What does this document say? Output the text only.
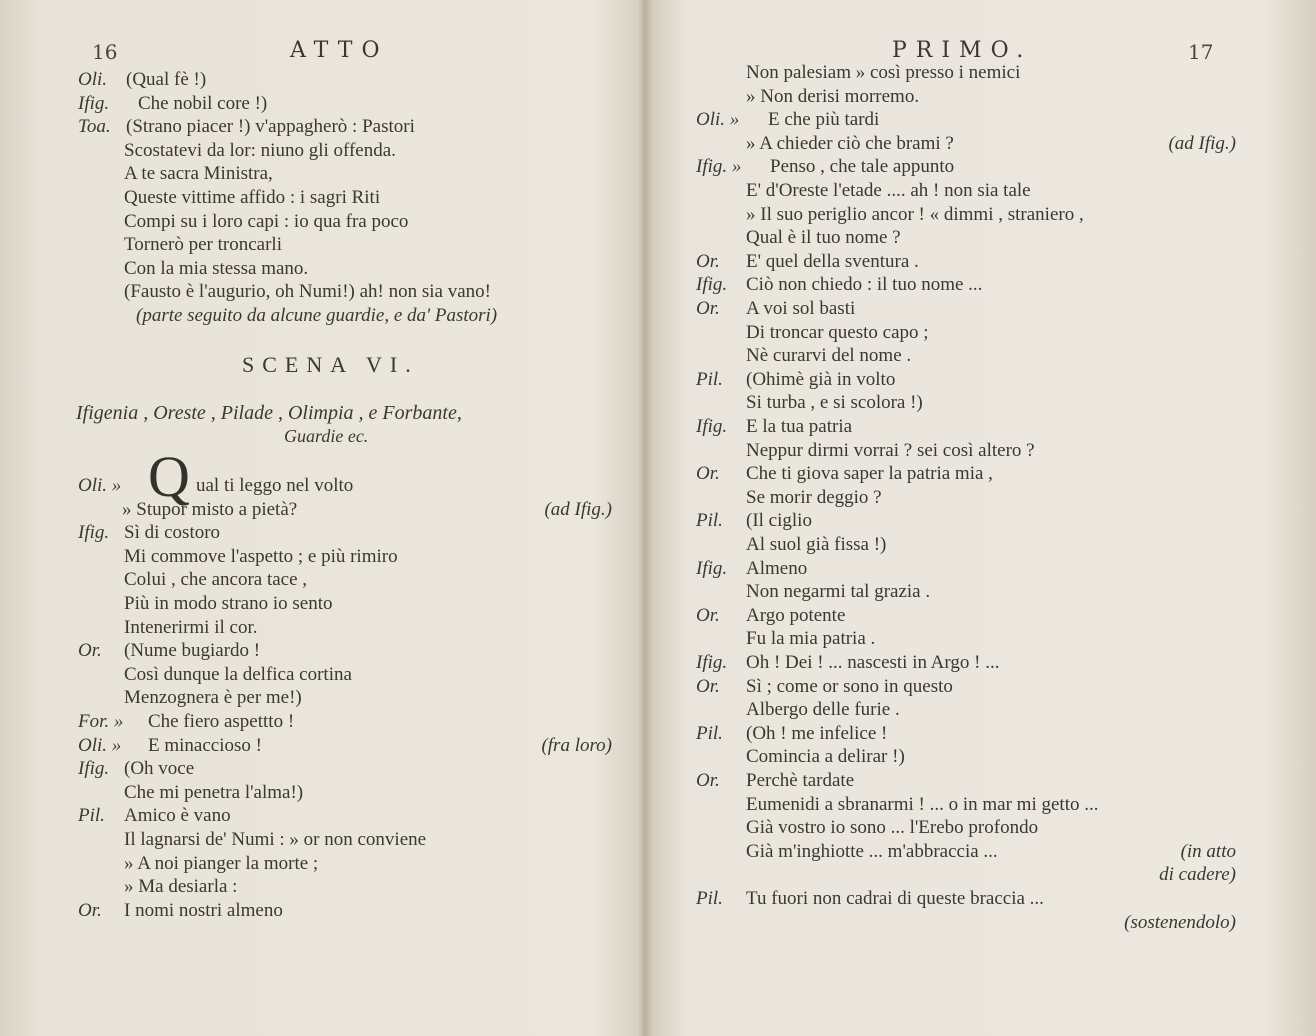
16	ATTO
Oli. (Qual fè !)
Ifig. Che nobil core !)
Toa. (Strano piacer !) v'appagherò : Pastori
Scostatevi da lor: niuno gli offenda.
A te sacra Ministra,
Queste vittime affido : i sagri Riti
Compi su i loro capi : io qua fra poco
Tornerò per troncarli
Con la mia stessa mano.
(Fausto è l'augurio, oh Numi!) ah! non sia vano!
(parte seguito da alcune guardie, e da' Pastori)
SCENA VI.
Ifigenia , Oreste , Pilade , Olimpia , e Forbante,
Guardie ec.
Q
Oli. »	ual ti leggo nel volto
» Stupor misto a pietà?	(ad Ifig.)
Ifig. Sì di costoro
Mi commove l'aspetto ; e più rimiro
Colui , che ancora tace ,
Più in modo strano io sento
Intenerirmi il cor.
Or. (Nume bugiardo !
Così dunque la delfica cortina
Menzognera è per me!)
For. » Che fiero aspettto !
Oli. » E minaccioso !	(fra loro)
Ifig. (Oh voce
Che mi penetra l'alma!)
Pil. Amico è vano
Il lagnarsi de' Numi : » or non conviene
» A noi pianger la morte ;
» Ma desiarla :
Or. I nomi nostri almeno
PRIMO.	17
Non palesiam » così presso i nemici
» Non derisi morremo.
Oli. » E che più tardi
» A chieder ciò che brami ?	(ad Ifig.)
Ifig. » Penso , che tale appunto
E' d'Oreste l'etade .... ah ! non sia tale
» Il suo periglio ancor ! « dimmi , straniero ,
Qual è il tuo nome ?
Or. E' quel della sventura .
Ifig. Ciò non chiedo : il tuo nome ...
Or. A voi sol basti
Di troncar questo capo ;
Nè curarvi del nome .
Pil. (Ohimè già in volto
Si turba , e si scolora !)
Ifig. E la tua patria
Neppur dirmi vorrai ? sei così altero ?
Or. Che ti giova saper la patria mia ,
Se morir deggio ?
Pil. (Il ciglio
Al suol già fissa !)
Ifig. Almeno
Non negarmi tal grazia .
Or. Argo potente
Fu la mia patria .
Ifig. Oh ! Dei ! ... nascesti in Argo ! ...
Or. Sì ; come or sono in questo
Albergo delle furie .
Pil. (Oh ! me infelice !
Comincia a delirar !)
Or. Perchè tardate
Eumenidi a sbranarmi ! ... o in mar mi getto ...
Già vostro io sono ... l'Erebo profondo
Già m'inghiotte ... m'abbraccia ...	(in atto
di cadere)
Pil. Tu fuori non cadrai di queste braccia ...
(sostenendolo)
